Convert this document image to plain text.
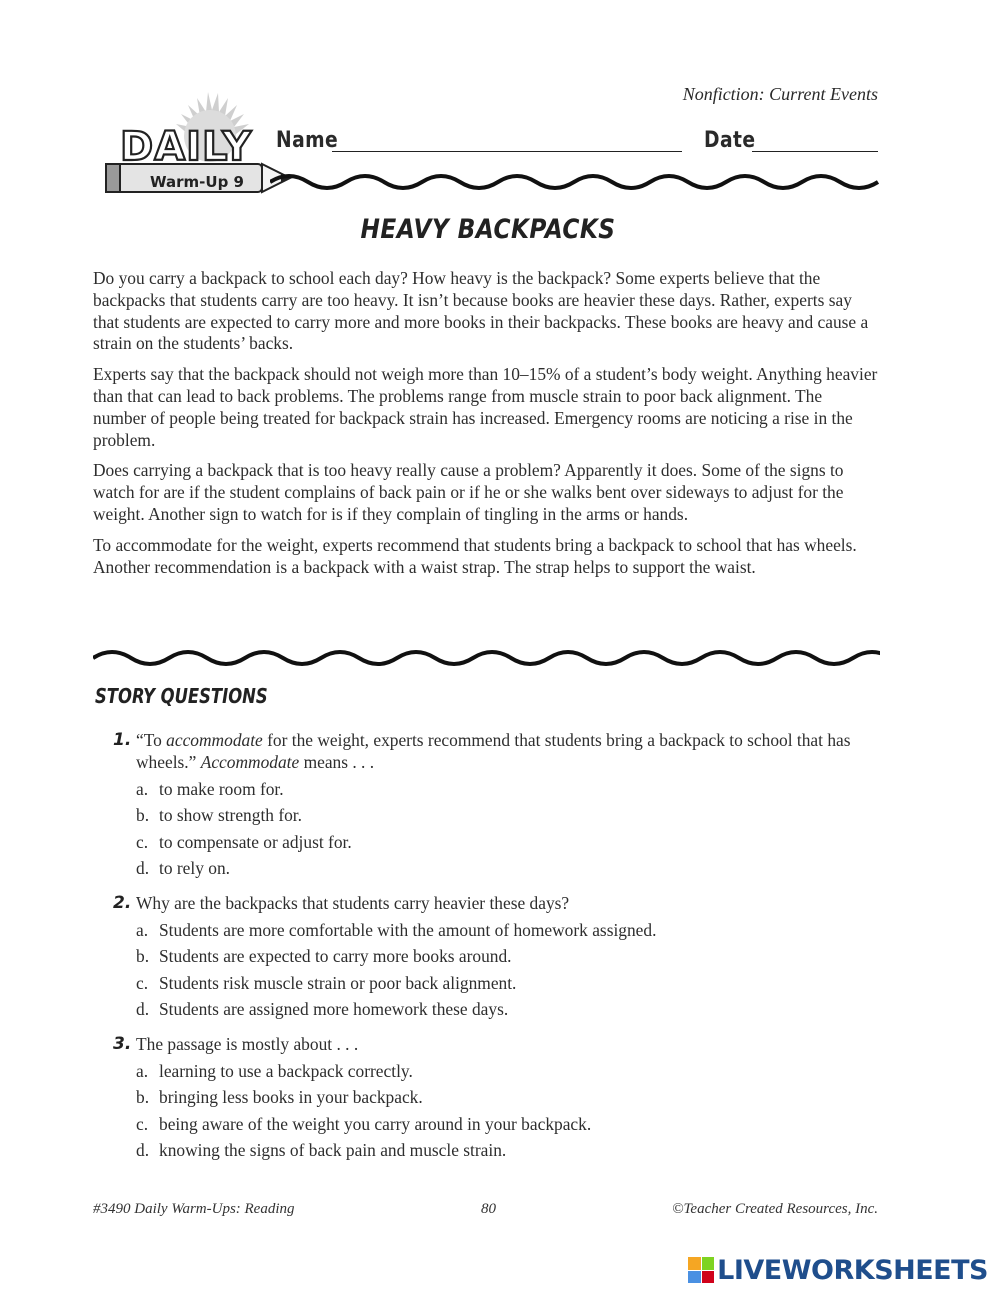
Nonfiction: Current Events
DAILY
Warm-Up 9
Name	Date
HEAVY BACKPACKS

Do you carry a backpack to school each day? How heavy is the backpack? Some experts believe that the backpacks that students carry are too heavy. It isn’t because books are heavier these days. Rather, experts say that students are expected to carry more and more books in their backpacks. These books are heavy and cause a strain on the students’ backs.

Experts say that the backpack should not weigh more than 10–15% of a student’s body weight. Anything heavier than that can lead to back problems. The problems range from muscle strain to poor back alignment. The number of people being treated for backpack strain has increased. Emergency rooms are noticing a rise in the problem.

Does carrying a backpack that is too heavy really cause a problem? Apparently it does. Some of the signs to watch for are if the student complains of back pain or if he or she walks bent over sideways to adjust for the weight. Another sign to watch for is if they complain of tingling in the arms or hands.

To accommodate for the weight, experts recommend that students bring a backpack to school that has wheels. Another recommendation is a backpack with a waist strap. The strap helps to support the waist.

STORY QUESTIONS
1. “To accommodate for the weight, experts recommend that students bring a backpack to school that has wheels.” Accommodate means . . .
a. to make room for.
b. to show strength for.
c. to compensate or adjust for.
d. to rely on.
2. Why are the backpacks that students carry heavier these days?
a. Students are more comfortable with the amount of homework assigned.
b. Students are expected to carry more books around.
c. Students risk muscle strain or poor back alignment.
d. Students are assigned more homework these days.
3. The passage is mostly about . . .
a. learning to use a backpack correctly.
b. bringing less books in your backpack.
c. being aware of the weight you carry around in your backpack.
d. knowing the signs of back pain and muscle strain.
#3490 Daily Warm-Ups: Reading	80	©Teacher Created Resources, Inc.
LIVEWORKSHEETS
